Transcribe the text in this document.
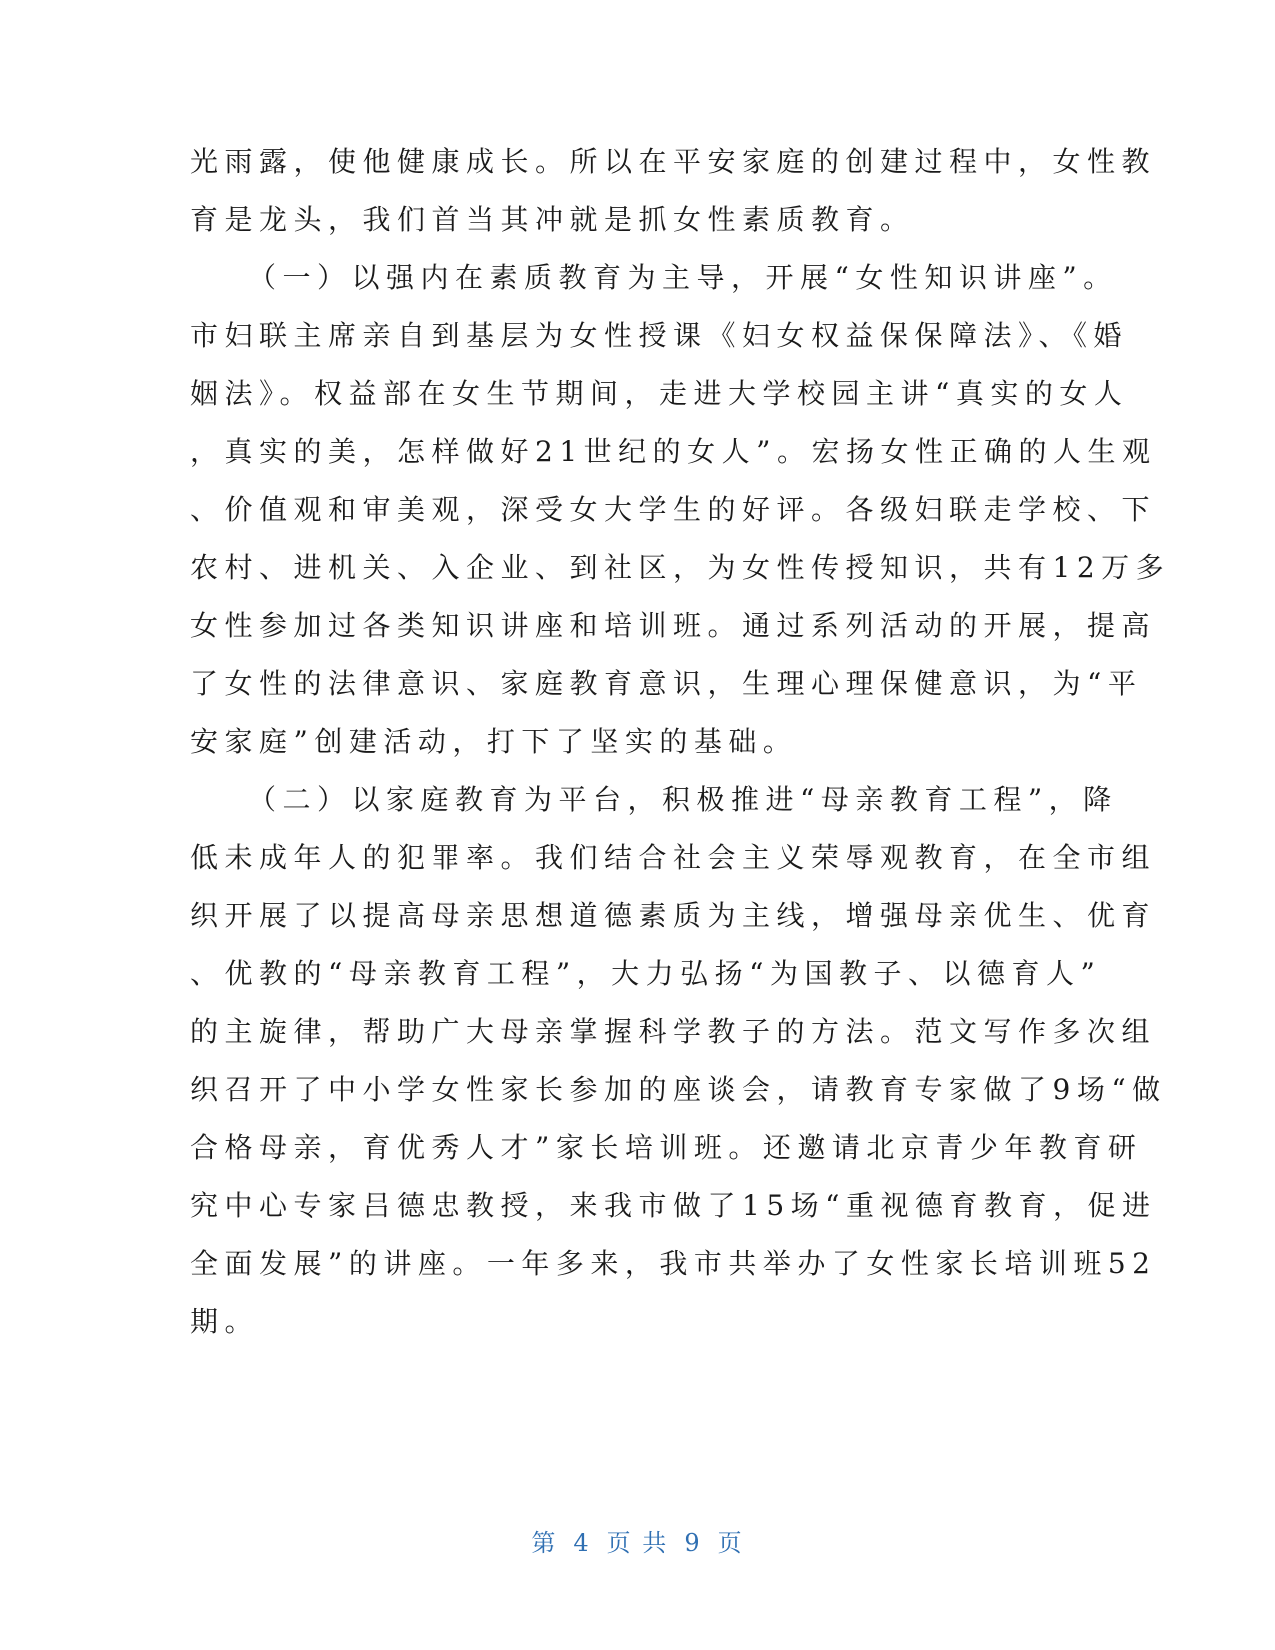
光雨露，使他健康成长。所以在平安家庭的创建过程中，女性教
育是龙头，我们首当其冲就是抓女性素质教育。
（一）以强内在素质教育为主导，开展“女性知识讲座”。
市妇联主席亲自到基层为女性授课《妇女权益保保障法》、《婚
姻法》。权益部在女生节期间，走进大学校园主讲“真实的女人
，真实的美，怎样做好21世纪的女人”。宏扬女性正确的人生观
、价值观和审美观，深受女大学生的好评。各级妇联走学校、下
农村、进机关、入企业、到社区，为女性传授知识，共有12万多
女性参加过各类知识讲座和培训班。通过系列活动的开展，提高
了女性的法律意识、家庭教育意识，生理心理保健意识，为“平
安家庭”创建活动，打下了坚实的基础。
（二）以家庭教育为平台，积极推进“母亲教育工程”，降
低未成年人的犯罪率。我们结合社会主义荣辱观教育，在全市组
织开展了以提高母亲思想道德素质为主线，增强母亲优生、优育
、优教的“母亲教育工程”，大力弘扬“为国教子、以德育人”
的主旋律，帮助广大母亲掌握科学教子的方法。范文写作多次组
织召开了中小学女性家长参加的座谈会，请教育专家做了9场“做
合格母亲，育优秀人才”家长培训班。还邀请北京青少年教育研
究中心专家吕德忠教授，来我市做了15场“重视德育教育，促进
全面发展”的讲座。一年多来，我市共举办了女性家长培训班52
期。
第 4 页 共 9 页
